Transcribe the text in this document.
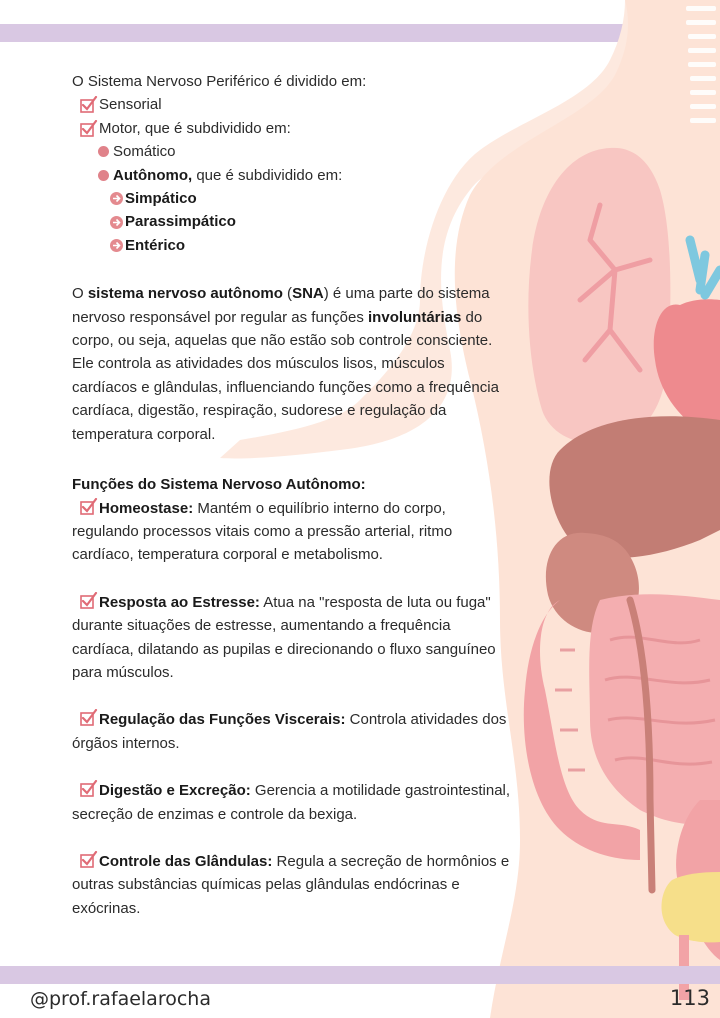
O Sistema Nervoso Periférico é dividido em:

Sensorial
Motor, que é subdividido em:
Somático
Autônomo, que é subdividido em:
Simpático
Parassimpático
Entérico

O sistema nervoso autônomo (SNA) é uma parte do sistema nervoso responsável por regular as funções involuntárias do corpo, ou seja, aquelas que não estão sob controle consciente. Ele controla as atividades dos músculos lisos, músculos cardíacos e glândulas, influenciando funções como a frequência cardíaca, digestão, respiração, sudorese e regulação da temperatura corporal.

Funções do Sistema Nervoso Autônomo:

Homeostase: Mantém o equilíbrio interno do corpo, regulando processos vitais como a pressão arterial, ritmo cardíaco, temperatura corporal e metabolismo.

Resposta ao Estresse: Atua na "resposta de luta ou fuga" durante situações de estresse, aumentando a frequência cardíaca, dilatando as pupilas e direcionando o fluxo sanguíneo para músculos.

Regulação das Funções Viscerais: Controla atividades dos órgãos internos.

Digestão e Excreção: Gerencia a motilidade gastrointestinal, secreção de enzimas e controle da bexiga.

Controle das Glândulas: Regula a secreção de hormônios e outras substâncias químicas pelas glândulas endócrinas e exócrinas.

@prof.rafaelarocha	113
